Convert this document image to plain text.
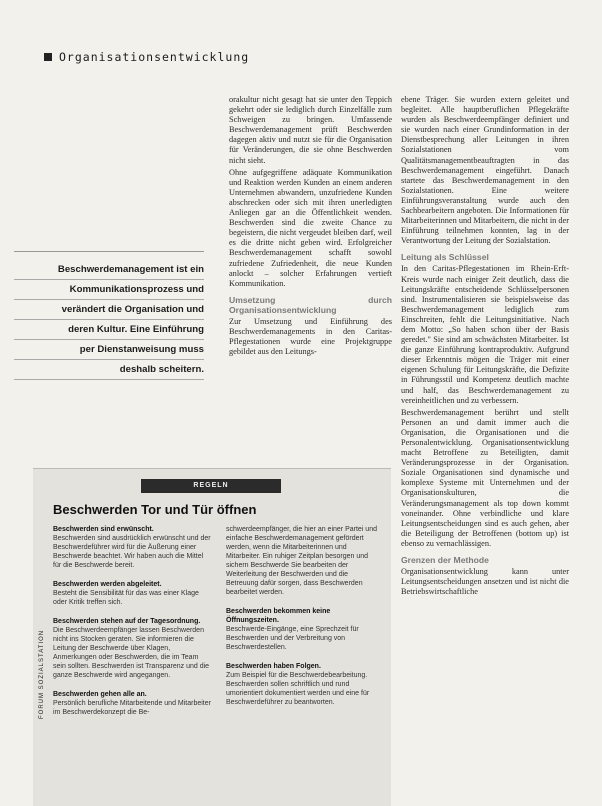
Organisationsentwicklung
Beschwerdemanagement ist ein
Kommunikationsprozess und
verändert die Organisation und
deren Kultur. Eine Einführung
per Dienstanweisung muss
deshalb scheitern.

orakultur nicht gesagt hat sie unter den Teppich gekehrt oder sie lediglich durch Einzelfälle zum Schweigen zu bringen. Umfassende Beschwerdemanagement prüft Beschwerden dagegen aktiv und nutzt sie für die Organisation für Veränderungen, die sie ohne Beschwerden nicht sieht.

Ohne aufgegriffene adäquate Kommunikation und Reaktion werden Kunden an einem anderen Unternehmen abwandern, unzufriedene Kunden abschrecken oder sich mit ihren unerledigten Anliegen gar an die Öffentlichkeit wenden. Beschwerden sind die zweite Chance zu begeistern, die nicht vergeudet bleiben darf, weil es die dritte nicht geben wird. Erfolgreicher Beschwerdemanagement schafft sowohl zufriedene Zufriedenheit, die neue Kunden anlockt – solcher Erfahrungen vertieft Kommunikation.

Umsetzung durch Organisationsentwicklung

Zur Umsetzung und Einführung des Beschwerdemanagements in den Caritas-Pflegestationen wurde eine Projektgruppe gebildet aus den Leitungs-

ebene Träger. Sie wurden extern geleitet und begleitet. Alle hauptberuflichen Pflegekräfte wurden als Beschwerdeempfänger definiert und sie wurden nach einer Grundinformation in der Dienstbesprechung aller Leitungen in ihren Sozialstationen vom Qualitätsmanagementbeauftragten in das Beschwerdemanagement eingeführt. Danach startete das Beschwerdemanagement in den Sozialstationen. Eine weitere Einführungsveranstaltung wurde auch den Sachbearbeitern angeboten. Die Informationen für Mitarbeiterinnen und Mitarbeitern, die nicht in der Einführung teilnehmen konnten, lag in der Verantwortung der Leitung der Sozialstation.

Leitung als Schlüssel

In den Caritas-Pflegestationen im Rhein-Erft-Kreis wurde nach einiger Zeit deutlich, dass die Leitungskräfte entscheidende Schlüsselpersonen sind. Instrumentalisieren sie beispielsweise das Beschwerdemanagement lediglich zum Einschreiten, fehlt die Leitungsinitiative. Nach dem Motto: „So haben schon über der Basis geredet." Sie sind am schwächsten Mitarbeiter. Ist die ganze Einführung kontraproduktiv. Aufgrund dieser Erkenntnis mögen die Träger mit einer eigenen Schulung für Leitungskräfte, die Defizite in Führungsstil und Kompetenz deutlich machte und half, das Beschwerdemanagement zu vereinheitlichen und zu verbessern.

Beschwerdemanagement berührt und stellt Personen an und damit immer auch die Organisation, die Organisationen und die Personalentwicklung. Organisationsentwicklung macht Betroffene zu Beteiligten, damit Veränderungsprozesse in der Organisation. Soziale Organisationen sind dynamische und komplexe Systeme mit Unternehmen und der Organisationskulturen, die Veränderungsmanagement als top down kommt voneinander. Ohne verbindliche und klare Leitungsentscheidungen sind es auch gehen, aber die Beteiligung der Betroffenen (bottom up) ist ebenso zu vernachlässigen.

Grenzen der Methode

Organisationsentwicklung kann unter Leitungsentscheidungen ansetzen und ist nicht die Betriebswirtschaftliche

REGELN
Beschwerden Tor und Tür öffnen

Beschwerden sind erwünscht.
Beschwerden sind ausdrücklich erwünscht und der Beschwerdeführer wird für die Äußerung einer Beschwerde beachtet. Wir haben auch die Mittel für die Beschwerde bereit.

Beschwerden werden abgeleitet.
Besteht die Sensibilität für das was einer Klage oder Kritik treffen sich.

Beschwerden stehen auf der Tagesordnung.
Die Beschwerdeempfänger lassen Beschwerden nicht ins Stocken geraten. Sie informieren die Leitung der Beschwerde über Klagen, Anmerkungen oder Beschwerden, die im Team sein sollten. Beschwerden ist Transparenz und die ganze Beschwerde wird angegangen.

Beschwerden gehen alle an.
Persönlich berufliche Mitarbeitende und Mitarbeiter im Beschwerdekonzept die Be-

schwerdeempfänger, die hier an einer Partei und einfache Beschwerdemanagement gefördert werden, wenn die Mitarbeiterinnen und Mitarbeiter. Ein ruhiger Zeitplan besorgen und sichern Beschwerde Sie bearbeiten der Weiterleitung der Beschwerden und die Betreuung dafür sorgen, dass Beschwerden bearbeitet werden.

Beschwerden bekommen keine Öffnungszeiten.
Beschwerde-Eingänge, eine Sprechzeit für Beschwerden und der Verbreitung von Beschwerdestellen.

Beschwerden haben Folgen.
Zum Beispiel für die Beschwerdebearbeitung. Beschwerden sollen schriftlich und rund umorientiert dokumentiert werden und eine für Beschwerdeführer zu beantworten.

FORUM SOZIALSTATION
